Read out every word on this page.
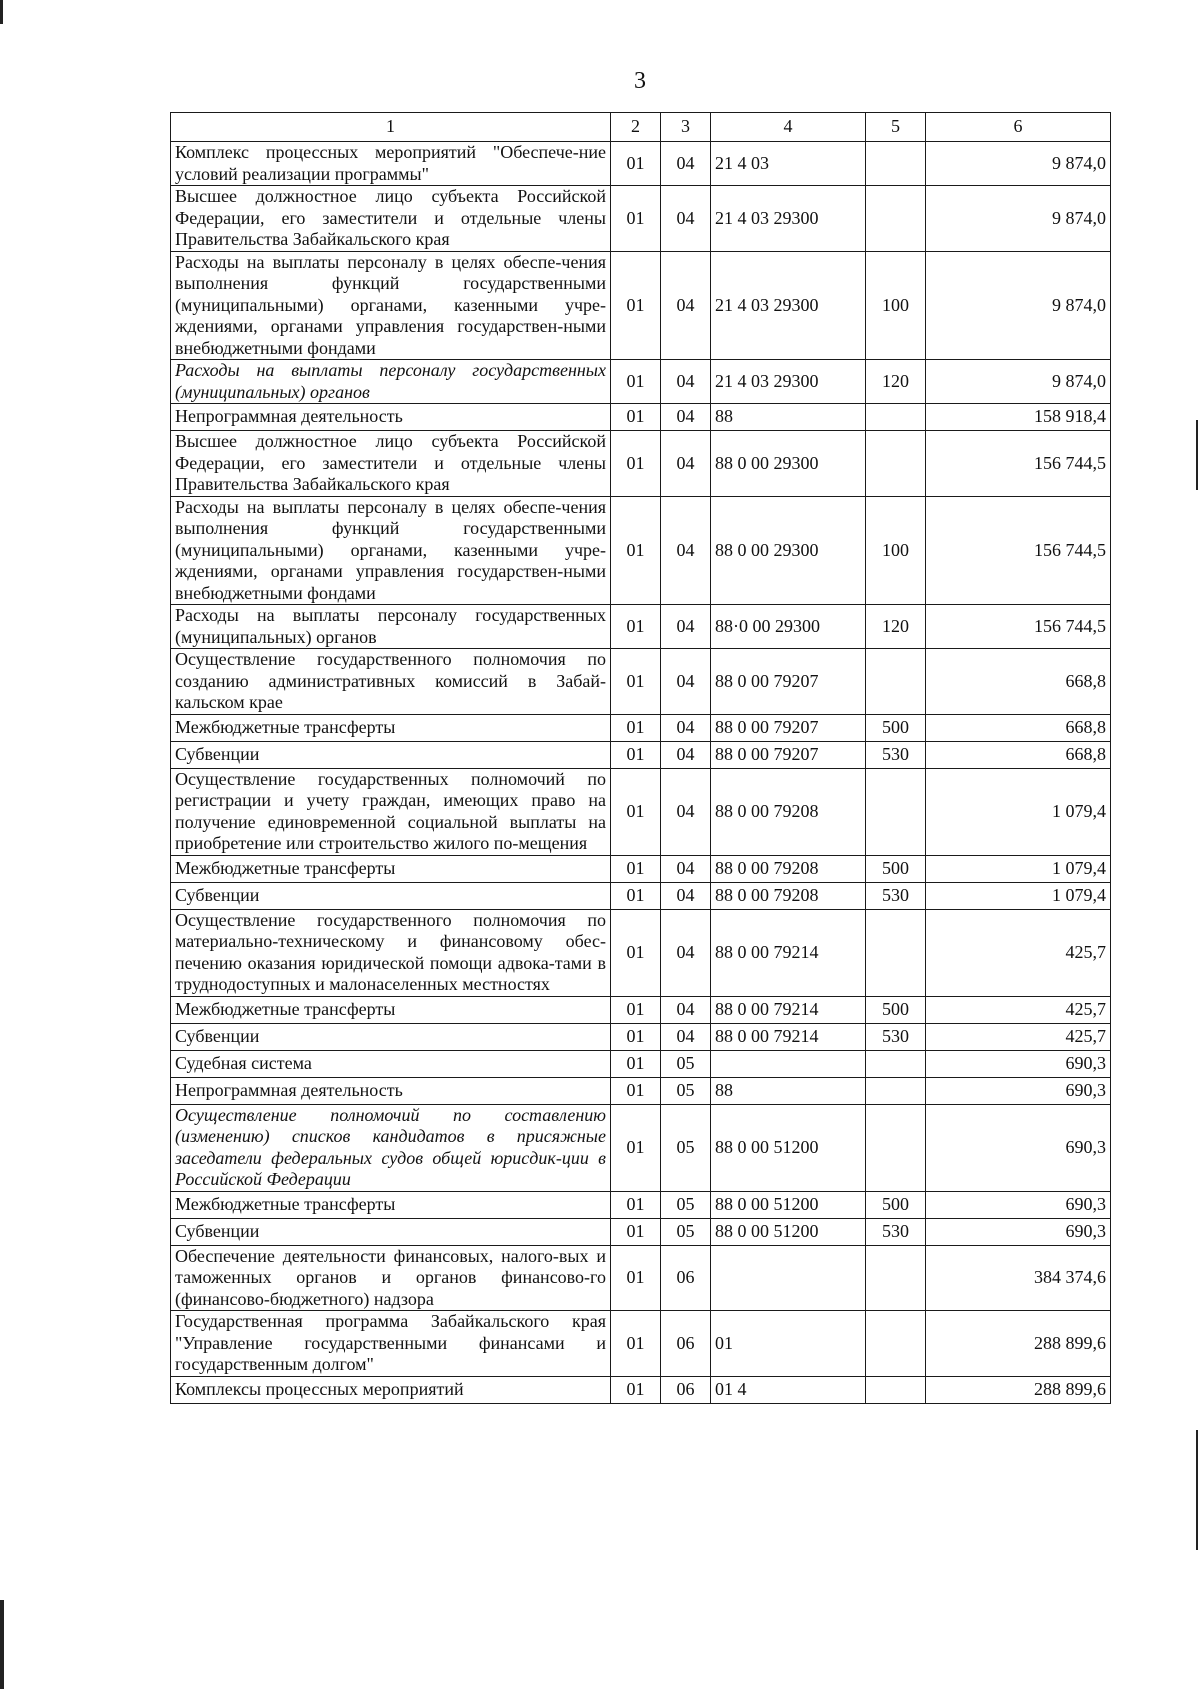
3
1	2	3	4	5	6
Комплекс процессных мероприятий "Обеспече-ние условий реализации программы"	01	04	21 4 03		9 874,0
Высшее должностное лицо субъекта Российской Федерации, его заместители и отдельные члены Правительства Забайкальского края	01	04	21 4 03 29300		9 874,0
Расходы на выплаты персоналу в целях обеспе-чения выполнения функций государственными (муниципальными) органами, казенными учре-ждениями, органами управления государствен-ными внебюджетными фондами	01	04	21 4 03 29300	100	9 874,0
Расходы на выплаты персоналу государственных (муниципальных) органов	01	04	21 4 03 29300	120	9 874,0
Непрограммная деятельность	01	04	88		158 918,4
Высшее должностное лицо субъекта Российской Федерации, его заместители и отдельные члены Правительства Забайкальского края	01	04	88 0 00 29300		156 744,5
Расходы на выплаты персоналу в целях обеспе-чения выполнения функций государственными (муниципальными) органами, казенными учре-ждениями, органами управления государствен-ными внебюджетными фондами	01	04	88 0 00 29300	100	156 744,5
Расходы на выплаты персоналу государственных (муниципальных) органов	01	04	88·0 00 29300	120	156 744,5
Осуществление государственного полномочия по созданию административных комиссий в Забай-кальском крае	01	04	88 0 00 79207		668,8
Межбюджетные трансферты	01	04	88 0 00 79207	500	668,8
Субвенции	01	04	88 0 00 79207	530	668,8
Осуществление государственных полномочий по регистрации и учету граждан, имеющих право на получение единовременной социальной выплаты на приобретение или строительство жилого по-мещения	01	04	88 0 00 79208		1 079,4
Межбюджетные трансферты	01	04	88 0 00 79208	500	1 079,4
Субвенции	01	04	88 0 00 79208	530	1 079,4
Осуществление государственного полномочия по материально-техническому и финансовому обес-печению оказания юридической помощи адвока-тами в труднодоступных и малонаселенных местностях	01	04	88 0 00 79214		425,7
Межбюджетные трансферты	01	04	88 0 00 79214	500	425,7
Субвенции	01	04	88 0 00 79214	530	425,7
Судебная система	01	05			690,3
Непрограммная деятельность	01	05	88		690,3
Осуществление полномочий по составлению (изменению) списков кандидатов в присяжные заседатели федеральных судов общей юрисдик-ции в Российской Федерации	01	05	88 0 00 51200		690,3
Межбюджетные трансферты	01	05	88 0 00 51200	500	690,3
Субвенции	01	05	88 0 00 51200	530	690,3
Обеспечение деятельности финансовых, налого-вых и таможенных органов и органов финансово-го (финансово-бюджетного) надзора	01	06			384 374,6
Государственная программа Забайкальского края "Управление государственными финансами и государственным долгом"	01	06	01		288 899,6
Комплексы процессных мероприятий	01	06	01 4		288 899,6
